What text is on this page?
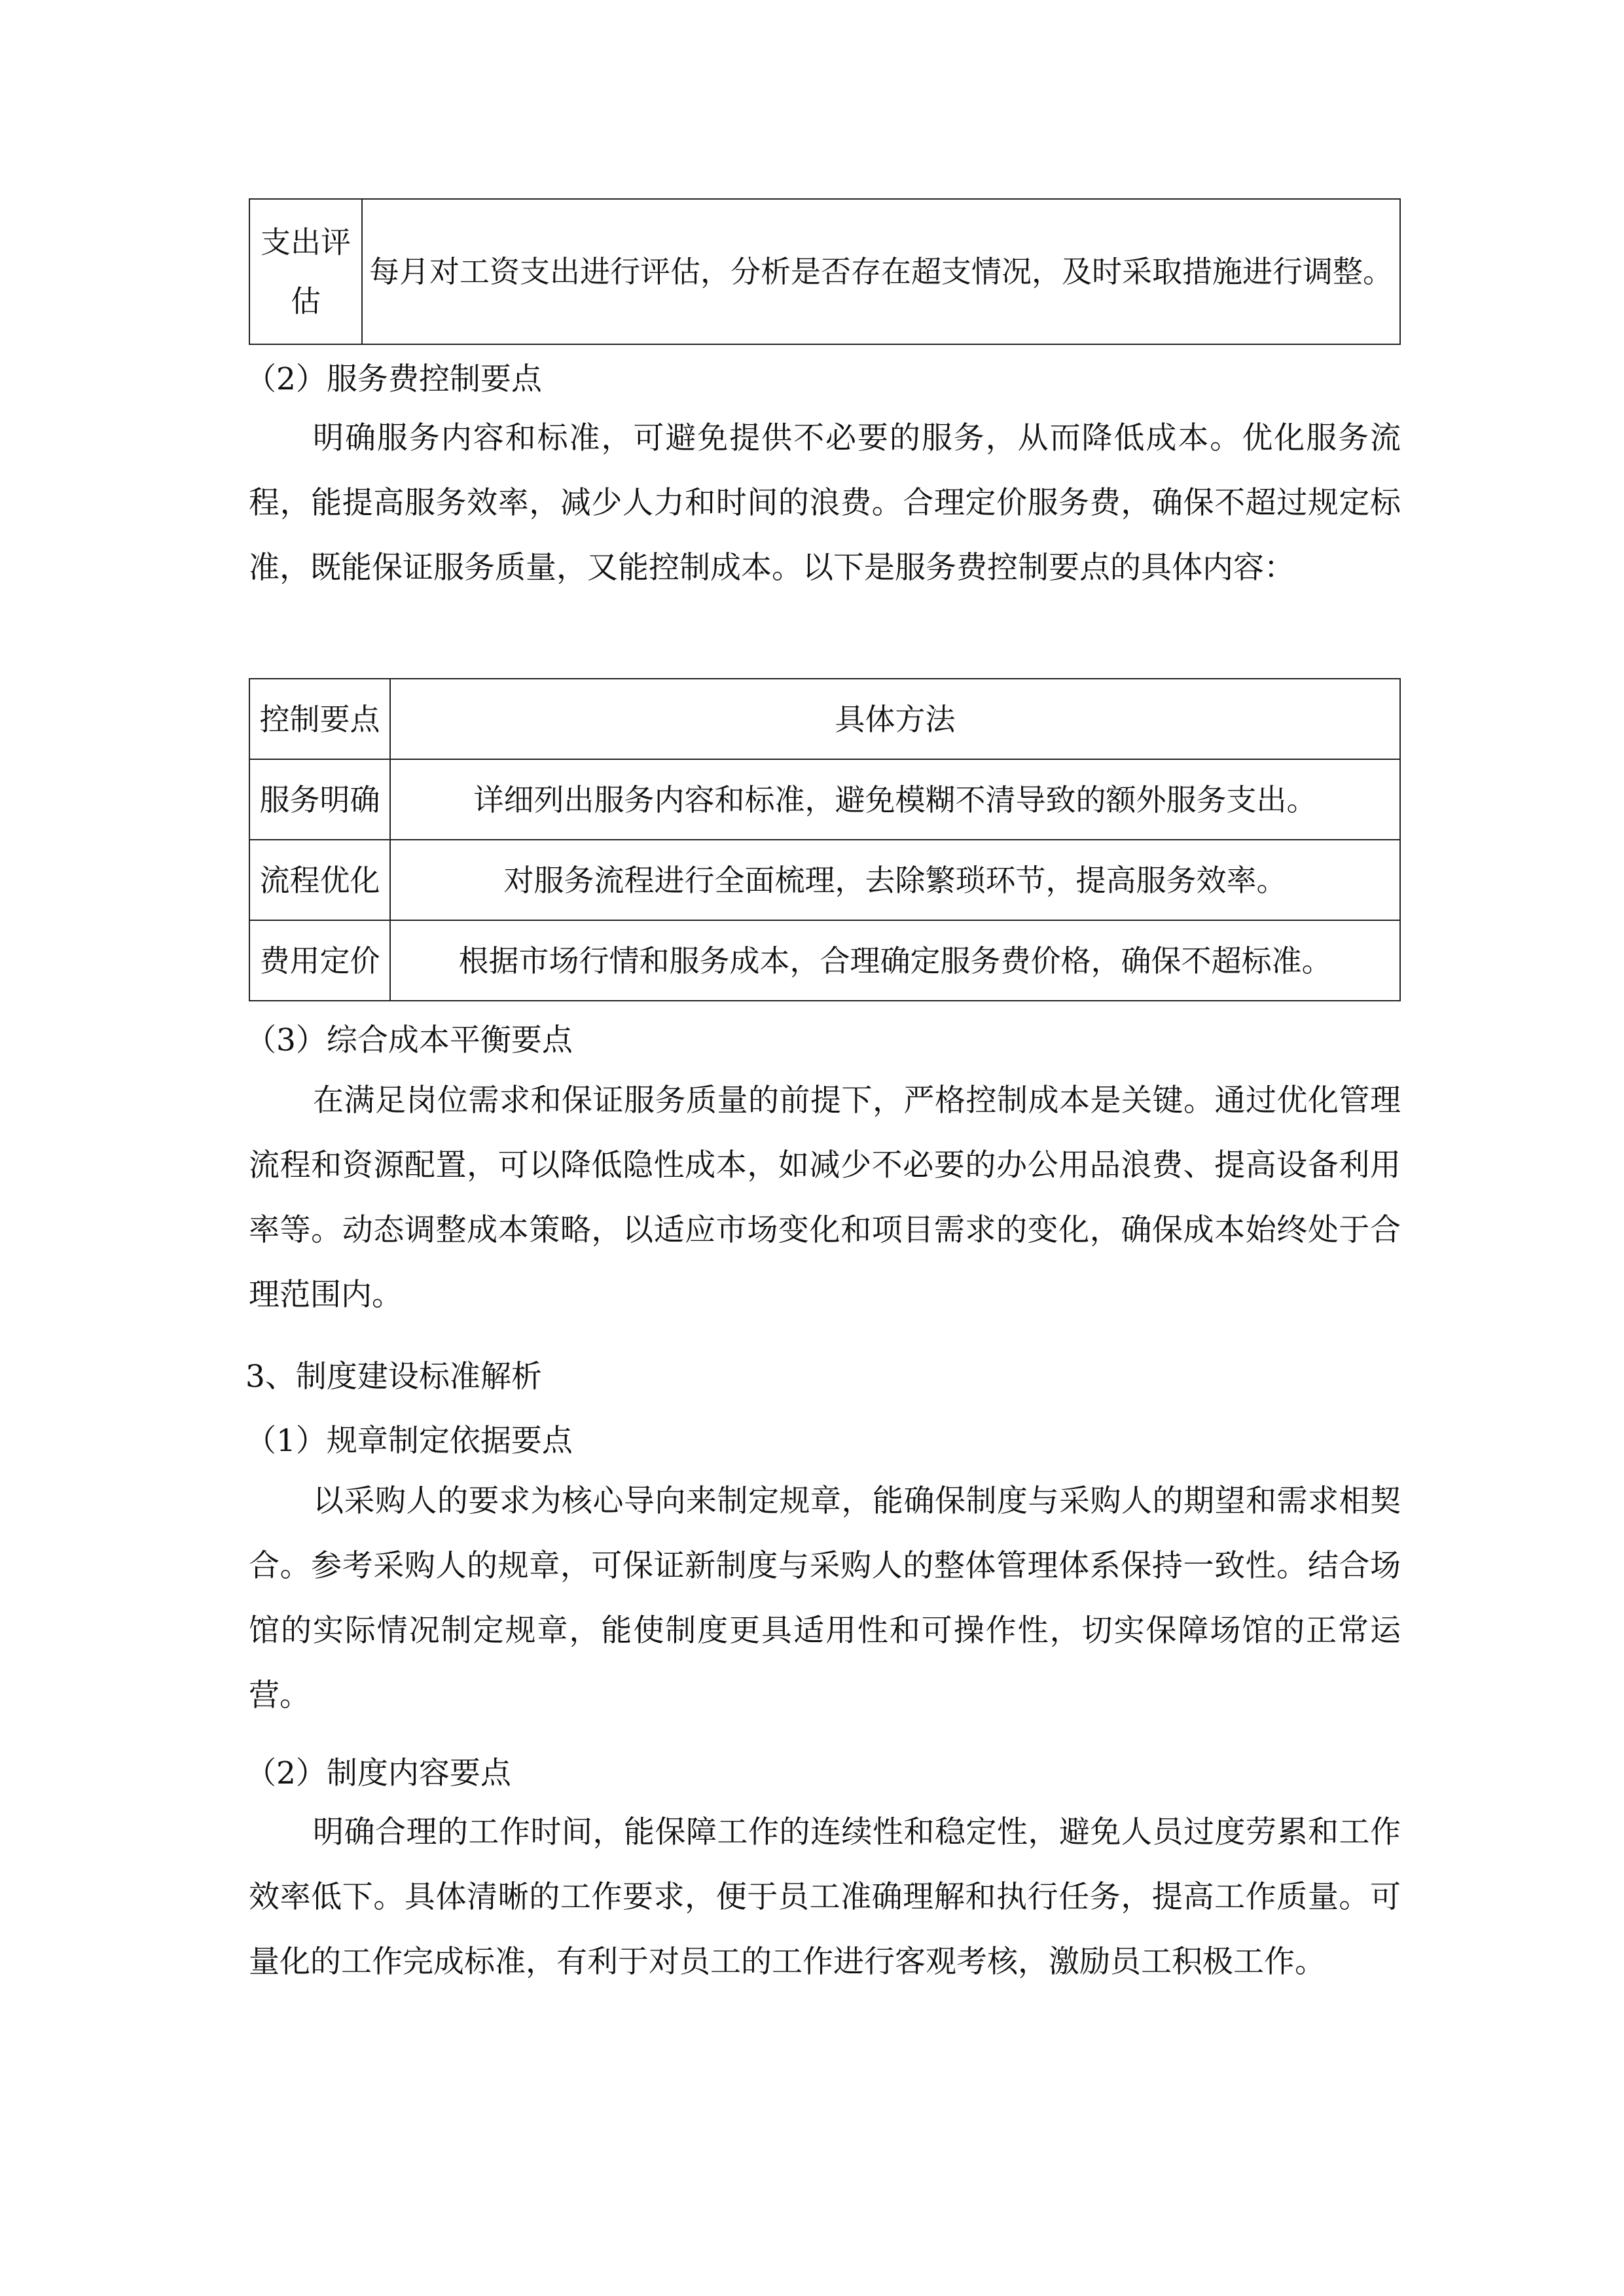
支出评估	每月对工资支出进行评估，分析是否存在超支情况，及时采取措施进行调整。
（2）服务费控制要点

明确服务内容和标准，可避免提供不必要的服务，从而降低成本。优化服务流程，能提高服务效率，减少人力和时间的浪费。合理定价服务费，确保不超过规定标准，既能保证服务质量，又能控制成本。以下是服务费控制要点的具体内容：

控制要点	具体方法
服务明确	详细列出服务内容和标准，避免模糊不清导致的额外服务支出。
流程优化	对服务流程进行全面梳理，去除繁琐环节，提高服务效率。
费用定价	根据市场行情和服务成本，合理确定服务费价格，确保不超标准。
（3）综合成本平衡要点

在满足岗位需求和保证服务质量的前提下，严格控制成本是关键。通过优化管理流程和资源配置，可以降低隐性成本，如减少不必要的办公用品浪费、提高设备利用率等。动态调整成本策略，以适应市场变化和项目需求的变化，确保成本始终处于合理范围内。

3、制度建设标准解析
（1）规章制定依据要点

以采购人的要求为核心导向来制定规章，能确保制度与采购人的期望和需求相契合。参考采购人的规章，可保证新制度与采购人的整体管理体系保持一致性。结合场馆的实际情况制定规章，能使制度更具适用性和可操作性，切实保障场馆的正常运营。

（2）制度内容要点

明确合理的工作时间，能保障工作的连续性和稳定性，避免人员过度劳累和工作效率低下。具体清晰的工作要求，便于员工准确理解和执行任务，提高工作质量。可量化的工作完成标准，有利于对员工的工作进行客观考核，激励员工积极工作。
